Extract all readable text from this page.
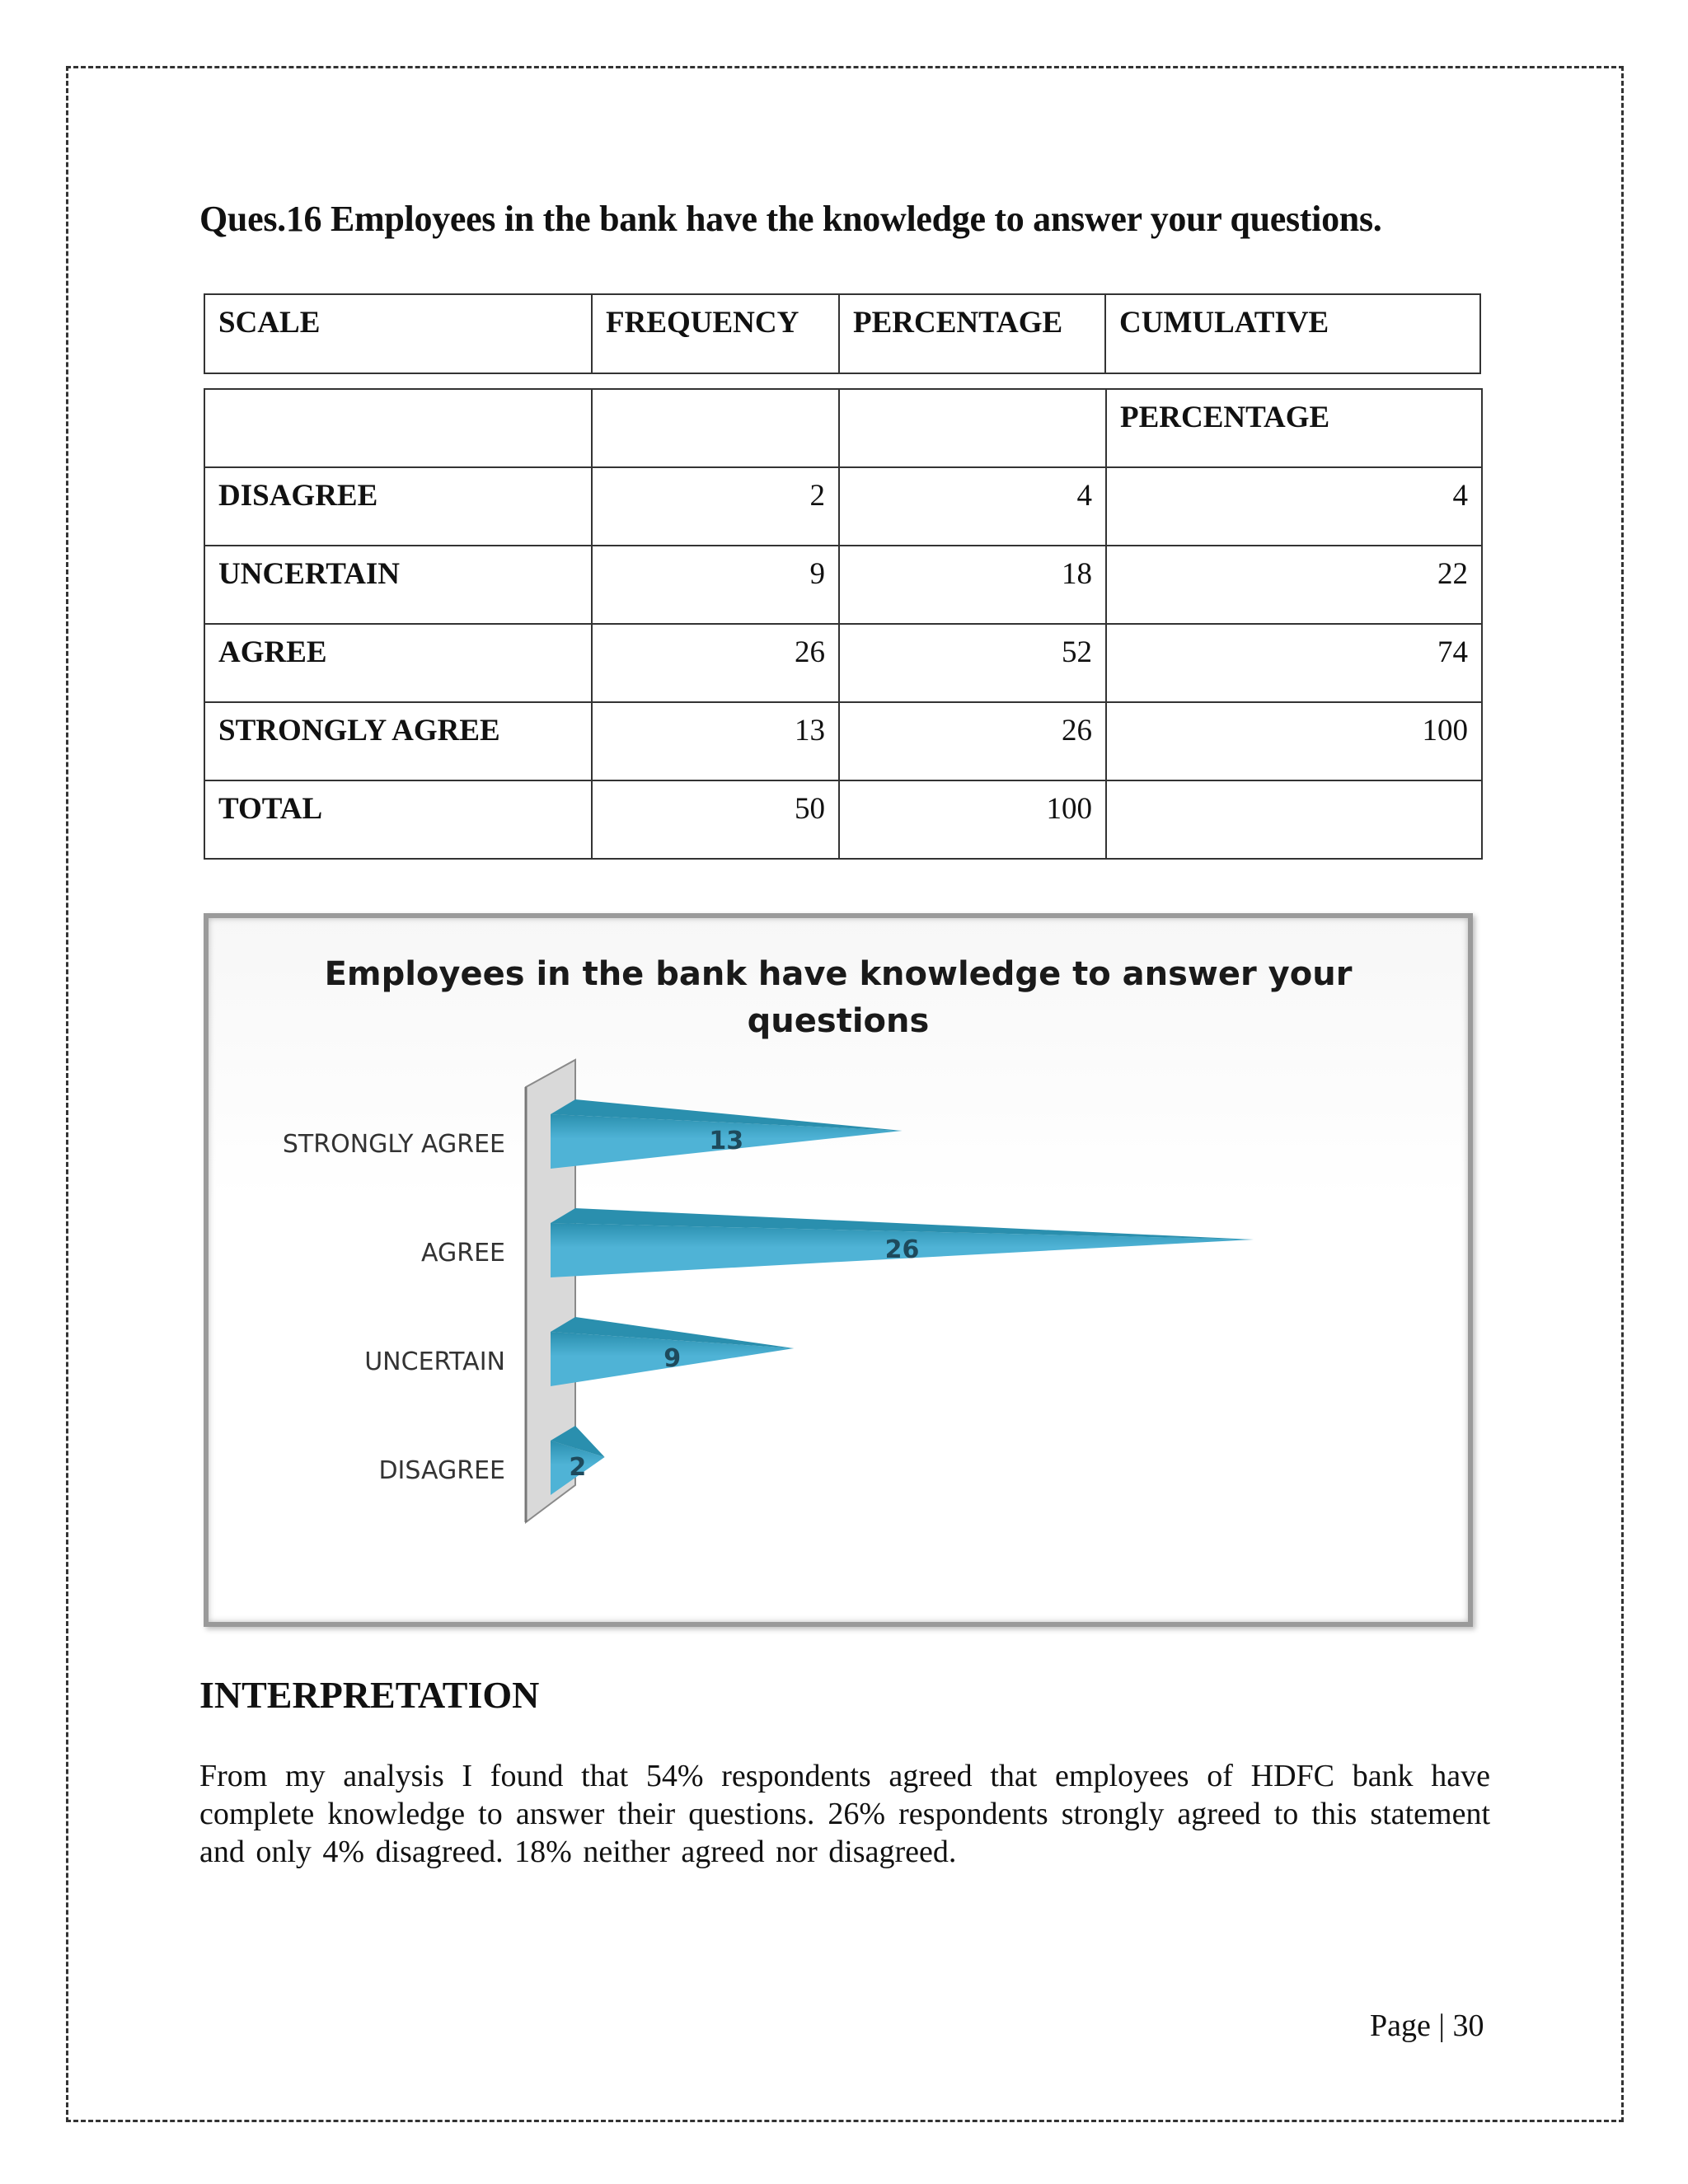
Ques.16 Employees in the bank have the knowledge to answer your questions.
SCALE	FREQUENCY	PERCENTAGE	CUMULATIVE
			PERCENTAGE
DISAGREE	2	4	4
UNCERTAIN	9	18	22
AGREE	26	52	74
STRONGLY AGREE	13	26	100
TOTAL	50	100	
Employees in the bank have knowledge to answer your
questions
STRONGLY AGREE	13
AGREE	26
UNCERTAIN	9
DISAGREE	2
INTERPRETATION
From my analysis I found that 54% respondents agreed that employees of HDFC bank have complete knowledge to answer their questions. 26% respondents strongly agreed to this statement and only 4% disagreed. 18% neither agreed nor disagreed.
Page | 30
